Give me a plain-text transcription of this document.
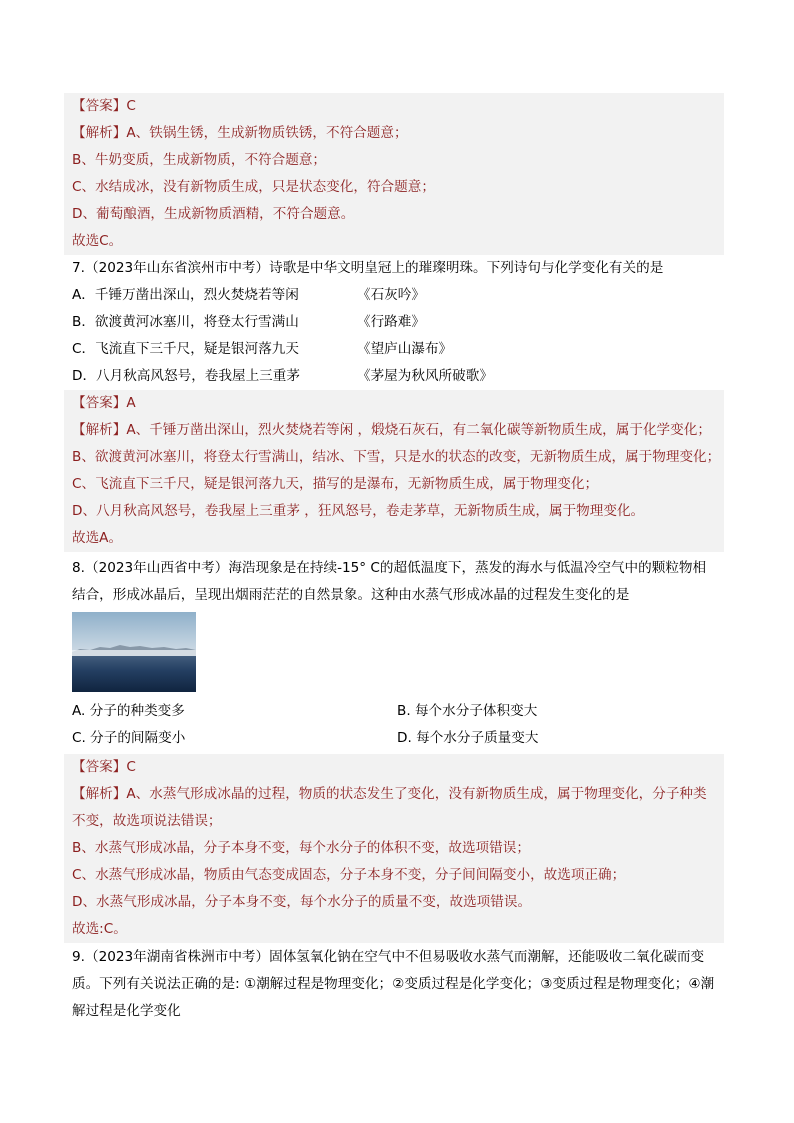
【答案】C
【解析】A、铁锅生锈，生成新物质铁锈，不符合题意；
B、牛奶变质，生成新物质，不符合题意；
C、水结成冰，没有新物质生成，只是状态变化，符合题意；
D、葡萄酿酒，生成新物质酒精，不符合题意。
故选C。
7.（2023年山东省滨州市中考）诗歌是中华文明皇冠上的璀璨明珠。下列诗句与化学变化有关的是
A．千锤万凿出深山，烈火焚烧若等闲	《石灰吟》
B．欲渡黄河冰塞川，将登太行雪满山	《行路难》
C．飞流直下三千尺，疑是银河落九天	《望庐山瀑布》
D．八月秋高风怒号，卷我屋上三重茅	《茅屋为秋风所破歌》
【答案】A
【解析】A、千锤万凿出深山，烈火焚烧若等闲 ，煅烧石灰石，有二氧化碳等新物质生成，属于化学变化；
B、欲渡黄河冰塞川，将登太行雪满山，结冰、下雪，只是水的状态的改变，无新物质生成，属于物理变化；
C、飞流直下三千尺，疑是银河落九天，描写的是瀑布，无新物质生成，属于物理变化；
D、八月秋高风怒号，卷我屋上三重茅 ，狂风怒号，卷走茅草，无新物质生成，属于物理变化。
故选A。
8.（2023年山西省中考）海浩现象是在持续-15° C的超低温度下，蒸发的海水与低温冷空气中的颗粒物相
结合，形成冰晶后，呈现出烟雨茫茫的自然景象。这种由水蒸气形成冰晶的过程发生变化的是
A. 分子的种类变多	B. 每个水分子体积变大
C. 分子的间隔变小	D. 每个水分子质量变大
【答案】C
【解析】A、水蒸气形成冰晶的过程，物质的状态发生了变化，没有新物质生成，属于物理变化，分子种类
不变，故选项说法错误；
B、水蒸气形成冰晶，分子本身不变，每个水分子的体积不变，故选项错误；
C、水蒸气形成冰晶，物质由气态变成固态，分子本身不变，分子间间隔变小，故选项正确；
D、水蒸气形成冰晶，分子本身不变，每个水分子的质量不变，故选项错误。
故选:C。
9.（2023年湖南省株洲市中考）固体氢氧化钠在空气中不但易吸收水蒸气而潮解，还能吸收二氧化碳而变
质。下列有关说法正确的是: ①潮解过程是物理变化；②变质过程是化学变化；③变质过程是物理变化；④潮
解过程是化学变化
